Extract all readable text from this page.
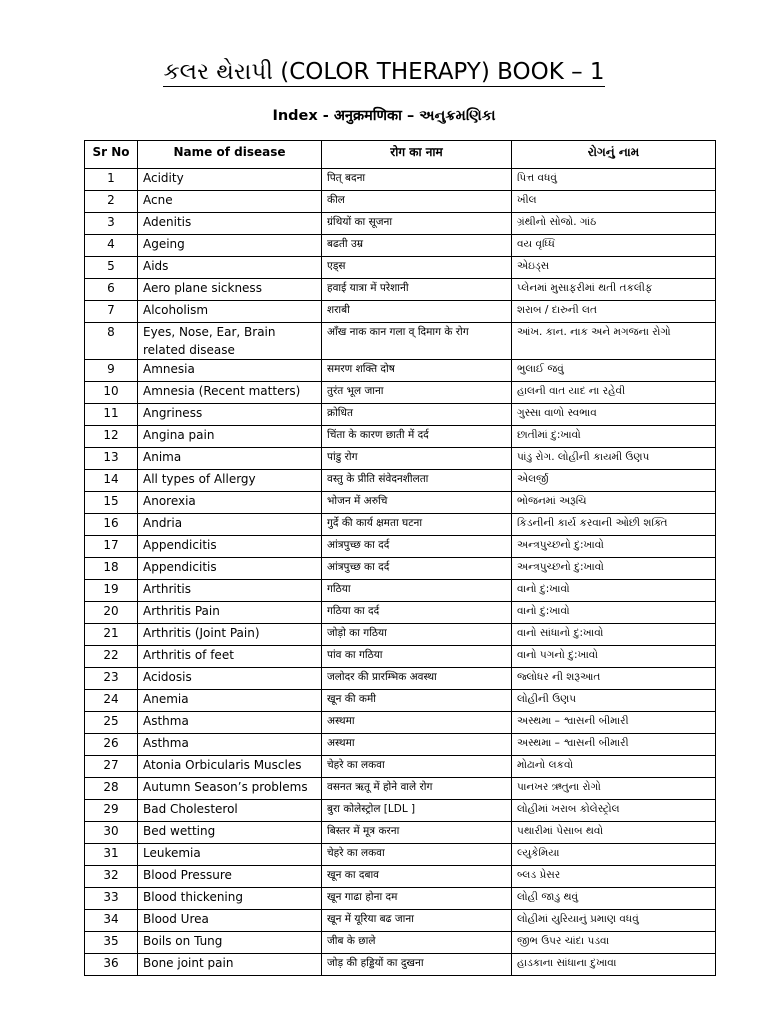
કલર થેરાપી (COLOR THERAPY) BOOK – 1
Index - अनुक्रमणिका – અનુક્રમણિકા
Sr No	Name of disease	रोग का नाम	રોગનું નામ
1	Acidity	पित् बदना	પિત્ત વધવું
2	Acne	कील	ખીલ
3	Adenitis	ग्रंथियों का सूजना	ગ્રંથીનો સોજો. ગાંઠ
4	Ageing	बढती उम्र	વય વૃધ્ધિ
5	Aids	एड्स	એઇડ્સ
6	Aero plane sickness	हवाई यात्रा में परेशानी	પ્લેનમાં મુસાફરીમાં થતી તકલીફ
7	Alcoholism	शराबी	શરાબ / દારુની લત
8	Eyes, Nose, Ear, Brain related disease	आँख नाक कान गला व् दिमाग के रोग	આંખ. કાન. નાક અને મગજના રોગો
9	Amnesia	समरण शक्ति दोष	ભુલાઈ જવું
10	Amnesia (Recent matters)	तुरंत भूल जाना	હાલની વાત યાદ ના રહેવી
11	Angriness	क्रोधित	ગુસ્સા વાળો સ્વભાવ
12	Angina pain	चिंता के कारण छाती में दर्द	છાતીમાં દુ:ખાવો
13	Anima	पांडु रोग	પાંડુ રોગ. લોહીની કાયમી ઉણપ
14	All types of Allergy	वस्तु के प्रीति संवेदनशीलता	એલર્જી
15	Anorexia	भोजन में अरुचि	ભોજનમાં અરૂચિ
16	Andria	गुर्दे की कार्य क्षमता घटना	કિડનીની કાર્ય કરવાની ઓછી શક્તિ
17	Appendicitis	आंत्रपुच्छ का दर्द	અન્ત્રપુચ્છનો દુ:ખાવો
18	Appendicitis	आंत्रपुच्छ का दर्द	અન્ત્રપુચ્છનો દુ:ખાવો
19	Arthritis	गठिया	વાનો દુ:ખાવો
20	Arthritis Pain	गठिया का दर्द	વાનો દુ:ખાવો
21	Arthritis (Joint Pain)	जोड़ो का गठिया	વાનો સાંધાનો દુ:ખાવો
22	Arthritis of feet	पांव का गठिया	વાનો પગનો દુ:ખાવો
23	Acidosis	जलोदर की प्रारम्भिक अवस्था	જ્લોધર ની શરૂઆત
24	Anemia	खून की कमी	લોહીની ઉણપ
25	Asthma	अस्थमा	અસ્થમા – શ્વાસની બીમારી
26	Asthma	अस्थमा	અસ્થમા – શ્વાસની બીમારી
27	Atonia Orbicularis Muscles	चेहरे का लकवा	મોઢાનો લકવો
28	Autumn Season’s problems	वसनत ऋतू में होने वाले रोग	પાનખર ઋતુના રોગો
29	Bad Cholesterol	बुरा कोलेस्ट्रोल [LDL ]	લોહીમાં ખરાબ કોલેસ્ટ્રોલ
30	Bed wetting	बिस्तर में मूत्र करना	પથારીમાં પેસાબ થવો
31	Leukemia	चेहरे का लकवा	લ્યુકેમિયા
32	Blood Pressure	खून का दबाव	બ્લડ પ્રેસર
33	Blood thickening	खून गाढा होना दम	લોહી જાડુ થવું
34	Blood Urea	खून में यूरिया बढ जाना	લોહીમાં યુરિયાનું પ્રમાણ વધવું
35	Boils on Tung	जीब के छाले	જીભ ઉપર ચાંદા પડવા
36	Bone joint pain	जोड़ की हड्डियों का दुखना	હાડકાના સાંધાના દુખાવા
